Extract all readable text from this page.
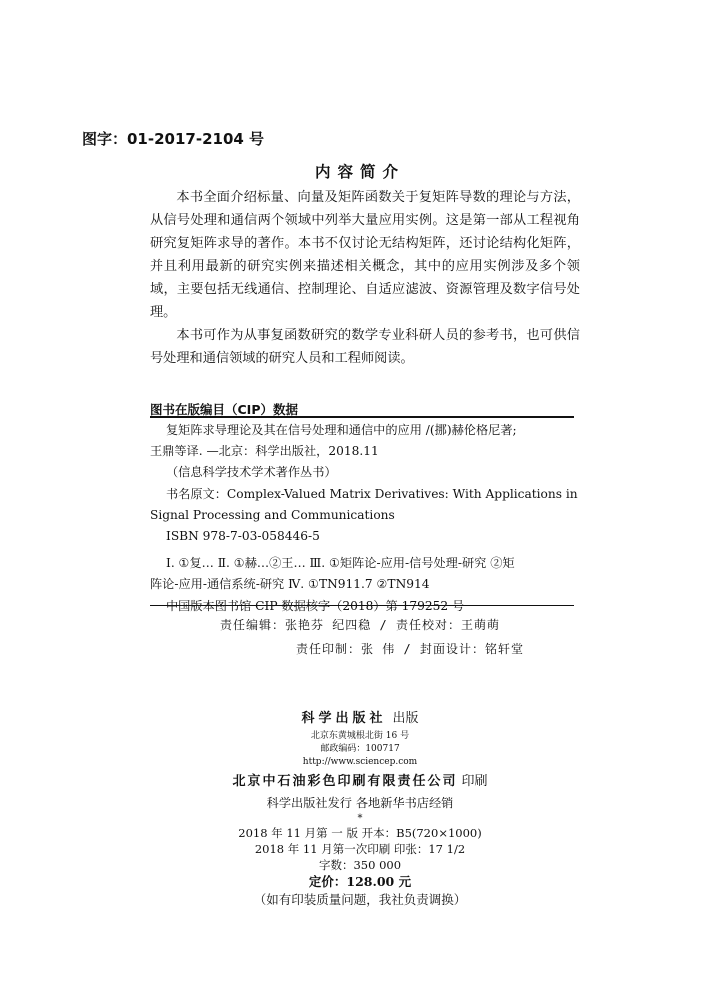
图字：01-2017-2104 号

内容简介

本书全面介绍标量、向量及矩阵函数关于复矩阵导数的理论与方法，从信号处理和通信两个领域中列举大量应用实例。这是第一部从工程视角研究复矩阵求导的著作。本书不仅讨论无结构矩阵，还讨论结构化矩阵，并且利用最新的研究实例来描述相关概念，其中的应用实例涉及多个领域，主要包括无线通信、控制理论、自适应滤波、资源管理及数字信号处理。

本书可作为从事复函数研究的数学专业科研人员的参考书，也可供信号处理和通信领域的研究人员和工程师阅读。

图书在版编目（CIP）数据

复矩阵求导理论及其在信号处理和通信中的应用 /(挪)赫伦格尼著;
王鼎等译. —北京：科学出版社，2018.11
（信息科学技术学术著作丛书）
书名原文：Complex-Valued Matrix Derivatives: With Applications in
Signal Processing and Communications
ISBN 978-7-03-058446-5
Ⅰ. ①复… Ⅱ. ①赫…②王… Ⅲ. ①矩阵论-应用-信号处理-研究 ②矩
阵论-应用-通信系统-研究 Ⅳ. ①TN911.7 ②TN914
中国版本图书馆 CIP 数据核字（2018）第 179252 号

责任编辑：张艳芬 纪四稳 / 责任校对：王萌萌

责任印制：张 伟 / 封面设计：铭轩堂

科学出版社 出版
北京东黄城根北街 16 号
邮政编码：100717
http://www.sciencep.com
北京中石油彩色印刷有限责任公司 印刷
科学出版社发行 各地新华书店经销
*
2018 年 11 月第 一 版 开本：B5(720×1000)
2018 年 11 月第一次印刷 印张：17 1/2
字数：350 000
定价：128.00 元
（如有印装质量问题，我社负责调换）
